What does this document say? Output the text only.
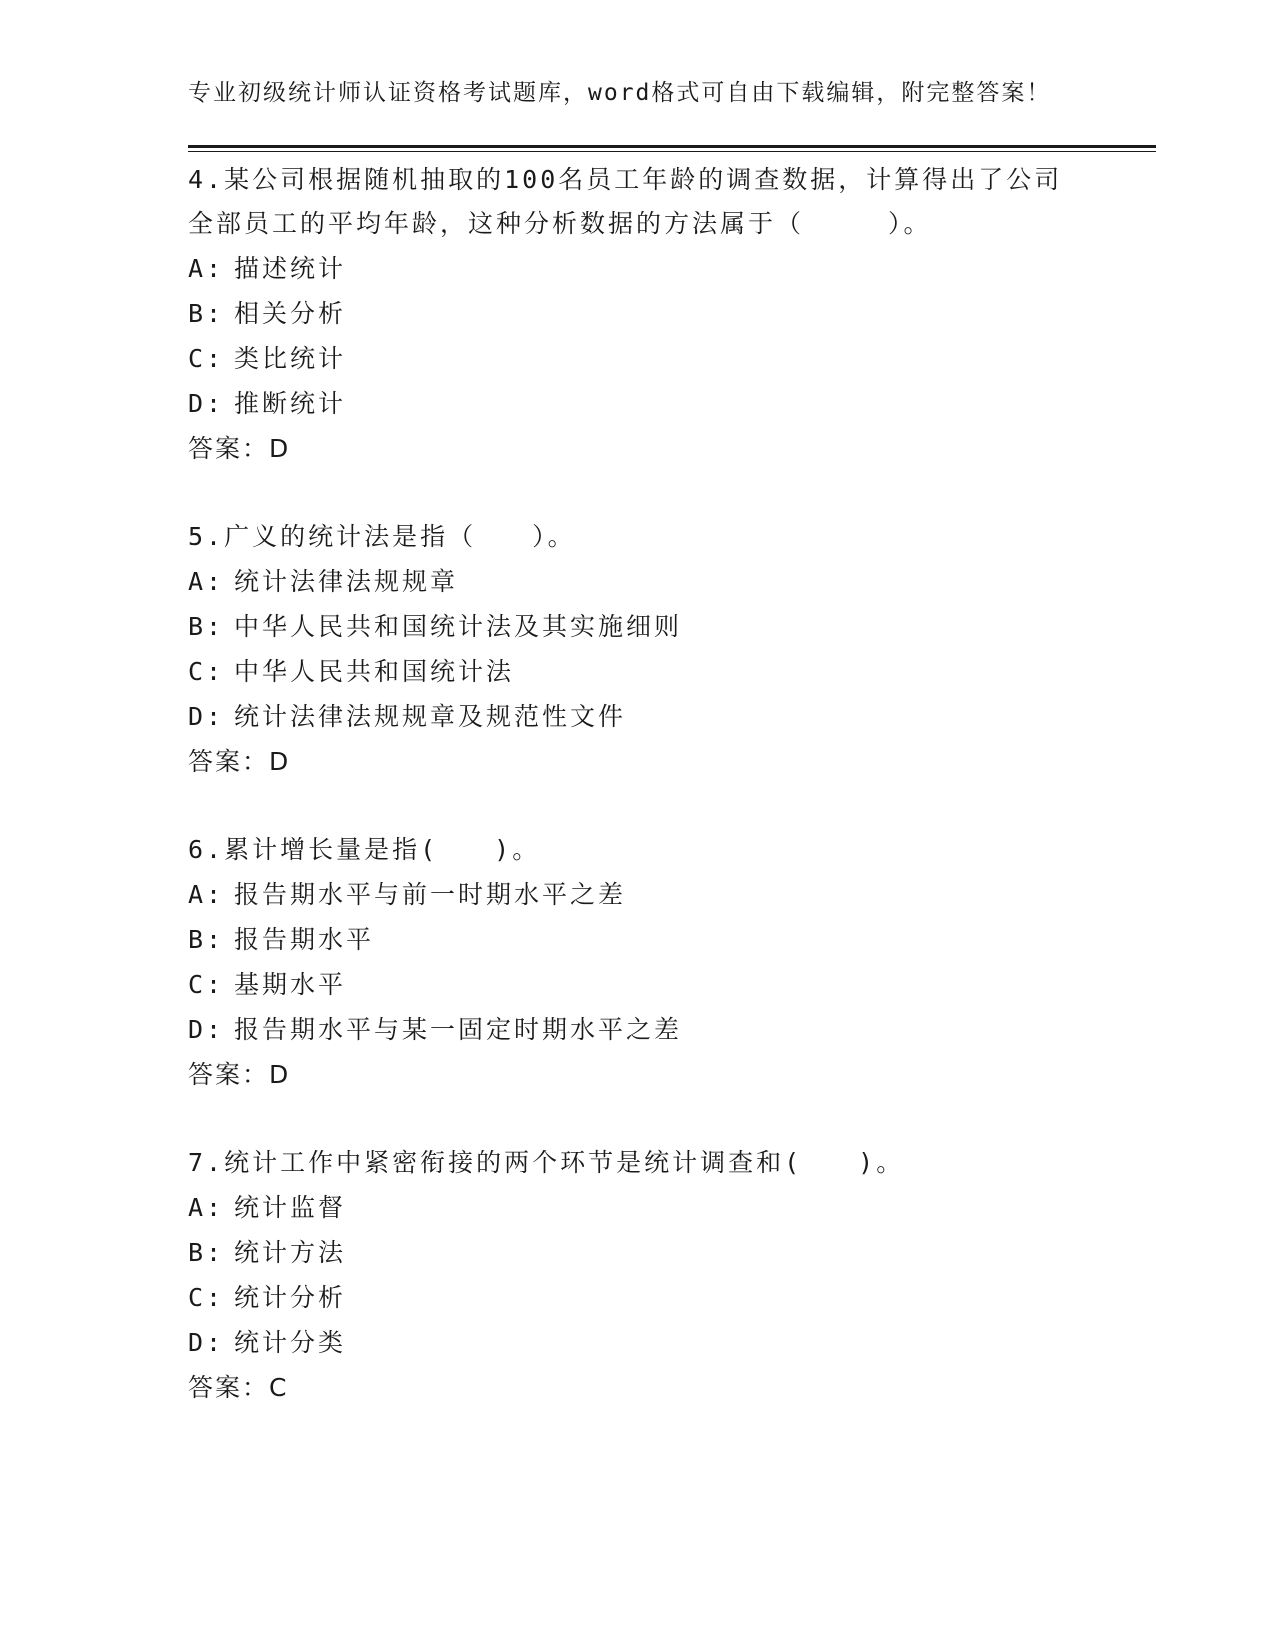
专业初级统计师认证资格考试题库，word格式可自由下载编辑，附完整答案！
4.某公司根据随机抽取的100名员工年龄的调查数据，计算得出了公司全部员工的平均年龄，这种分析数据的方法属于（　　　）。
A: 描述统计
B: 相关分析
C: 类比统计
D: 推断统计
答案：D
5.广义的统计法是指（　　）。
A: 统计法律法规规章
B: 中华人民共和国统计法及其实施细则
C: 中华人民共和国统计法
D: 统计法律法规规章及规范性文件
答案：D
6.累计增长量是指(　　)。
A: 报告期水平与前一时期水平之差
B: 报告期水平
C: 基期水平
D: 报告期水平与某一固定时期水平之差
答案：D
7.统计工作中紧密衔接的两个环节是统计调查和(　　)。
A: 统计监督
B: 统计方法
C: 统计分析
D: 统计分类
答案：C
